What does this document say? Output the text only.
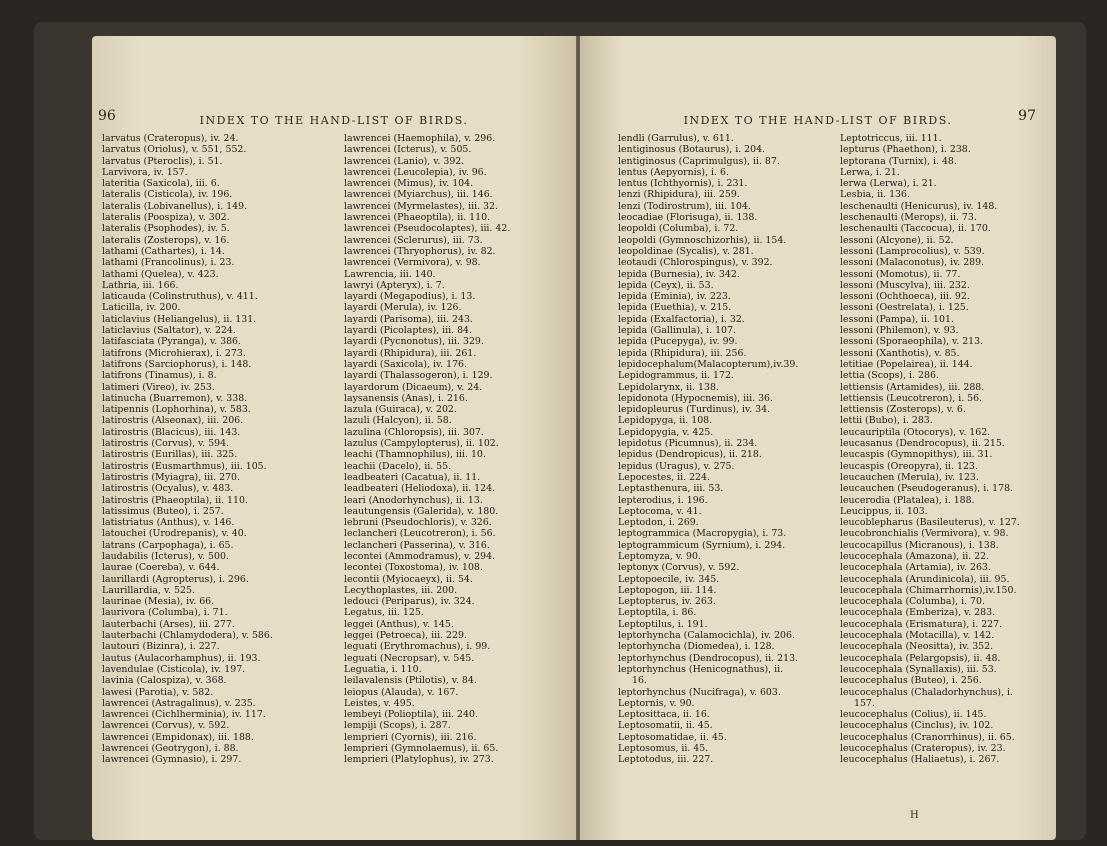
96	INDEX TO THE HAND-LIST OF BIRDS.
larvatus (Crateropus), iv. 24.
larvatus (Oriolus), v. 551, 552.
larvatus (Pteroclis), i. 51.
Larvivora, iv. 157.
lateritia (Saxicola), iii. 6.
lateralis (Cisticola), iv. 196.
lateralis (Lobivanellus), i. 149.
lateralis (Poospiza), v. 302.
lateralis (Psophodes), iv. 5.
lateralis (Zosterops), v. 16.
lathami (Cathartes), i. 14.
lathami (Francolinus), i. 23.
lathami (Quelea), v. 423.
Lathria, iii. 166.
laticauda (Colinstruthus), v. 411.
Laticilla, iv. 200.
laticlavius (Heliangelus), ii. 131.
laticlavius (Saltator), v. 224.
latifasciata (Pyranga), v. 386.
latifrons (Microhierax), i. 273.
latifrons (Sarciophorus), i. 148.
latifrons (Tinamus), i. 8.
latimeri (Vireo), iv. 253.
latinucha (Buarremon), v. 338.
latipennis (Lophorhina), v. 583.
latirostris (Alseonax), iii. 206.
latirostris (Blacicus), iii. 143.
latirostris (Corvus), v. 594.
latirostris (Eurillas), iii. 325.
latirostris (Eusmarthmus), iii. 105.
latirostris (Myiagra), iii. 270.
latirostris (Ocyalus), v. 483.
latirostris (Phaeoptila), ii. 110.
latissimus (Buteo), i. 257.
latistriatus (Anthus), v. 146.
latouchei (Urodrepanis), v. 40.
latrans (Carpophaga), i. 65.
laudabilis (Icterus), v. 500.
laurae (Coereba), v. 644.
laurillardi (Agropterus), i. 296.
Laurillardia, v. 525.
laurinae (Mesia), iv. 66.
laurivora (Columba), i. 71.
lauterbachi (Arses), iii. 277.
lauterbachi (Chlamydodera), v. 586.
lautouri (Bizinra), i. 227.
lautus (Aulacorhamphus), ii. 193.
lavendulae (Cisticola), iv. 197.
lavinia (Calospiza), v. 368.
lawesi (Parotia), v. 582.
lawrencei (Astragalinus), v. 235.
lawrencei (Cichlherminia), iv. 117.
lawrencei (Corvus), v. 592.
lawrencei (Empidonax), iii. 188.
lawrencei (Geotrygon), i. 88.
lawrencei (Gymnasio), i. 297.
lawrencei (Haemophila), v. 296.
lawrencei (Icterus), v. 505.
lawrencei (Lanio), v. 392.
lawrencei (Leucolepia), iv. 96.
lawrencei (Mimus), iv. 104.
lawrencei (Myiarchus), iii. 146.
lawrencei (Myrmelastes), iii. 32.
lawrencei (Phaeoptila), ii. 110.
lawrencei (Pseudocolaptes), iii. 42.
lawrencei (Sclerurus), iii. 73.
lawrencei (Thryophorus), iv. 82.
lawrencei (Vermivora), v. 98.
Lawrencia, iii. 140.
lawryi (Apteryx), i. 7.
layardi (Megapodius), i. 13.
layardi (Merula), iv. 126.
layardi (Parisoma), iii. 243.
layardi (Picolaptes), iii. 84.
layardi (Pycnonotus), iii. 329.
layardi (Rhipidura), iii. 261.
layardi (Saxicola), iv. 176.
layardi (Thalassogeron), i. 129.
layardorum (Dicaeum), v. 24.
laysanensis (Anas), i. 216.
lazula (Guiraca), v. 202.
lazuli (Halcyon), ii. 58.
lazulina (Chloropsis), iii. 307.
lazulus (Campylopterus), ii. 102.
leachi (Thamnophilus), iii. 10.
leachii (Dacelo), ii. 55.
leadbeateri (Cacatua), ii. 11.
leadbeateri (Heliodoxa), ii. 124.
leari (Anodorhynchus), ii. 13.
leautungensis (Galerida), v. 180.
lebruni (Pseudochloris), v. 326.
leclancheri (Leucotreron), i. 56.
leclancheri (Passerina), v. 316.
lecontei (Ammodramus), v. 294.
lecontei (Toxostoma), iv. 108.
lecontii (Myiocaeyx), ii. 54.
Lecythoplastes, iii. 200.
ledouci (Periparus), iv. 324.
Legatus, iii. 125.
leggei (Anthus), v. 145.
leggei (Petroeca), iii. 229.
leguati (Erythromachus), i. 99.
leguati (Necropsar), v. 545.
Leguatia, i. 110.
leilavalensis (Ptilotis), v. 84.
leiopus (Alauda), v. 167.
Leistes, v. 495.
lembeyi (Polioptila), iii. 240.
lempiji (Scops), i. 287.
lemprieri (Cyornis), iii. 216.
lemprieri (Gymnolaemus), ii. 65.
lemprieri (Platylophus), iv. 273.
INDEX TO THE HAND-LIST OF BIRDS.	97
lendli (Garrulus), v. 611.
lentiginosus (Botaurus), i. 204.
lentiginosus (Caprimulgus), ii. 87.
lentus (Aepyornis), i. 6.
lentus (Ichthyornis), i. 231.
lenzi (Rhipidura), iii. 259.
lenzi (Todirostrum), iii. 104.
leocadiae (Florisuga), ii. 138.
leopoldi (Columba), i. 72.
leopoldi (Gymnoschizorhis), ii. 154.
leopoldinae (Sycalis), v. 281.
leotaudi (Chlorospingus), v. 392.
lepida (Burnesia), iv. 342.
lepida (Ceyx), ii. 53.
lepida (Eminia), iv. 223.
lepida (Euethia), v. 215.
lepida (Exalfactoria), i. 32.
lepida (Gallinula), i. 107.
lepida (Pucepyga), iv. 99.
lepida (Rhipidura), iii. 256.
lepidocephalum(Malacopterum),iv.39.
Lepidogrammus, ii. 172.
Lepidolarynx, ii. 138.
lepidonota (Hypocnemis), iii. 36.
lepidopleurus (Turdinus), iv. 34.
Lepidopyga, ii. 108.
Lepidopygia, v. 425.
lepidotus (Picumnus), ii. 234.
lepidus (Dendropicus), ii. 218.
lepidus (Uragus), v. 275.
Lepocestes, ii. 224.
Leptasthenura, iii. 53.
lepterodius, i. 196.
Leptocoma, v. 41.
Leptodon, i. 269.
leptogrammica (Macropygia), i. 73.
leptogrammicum (Syrnium), i. 294.
Leptomyza, v. 90.
leptonyx (Corvus), v. 592.
Leptopoecile, iv. 345.
Leptopogon, iii. 114.
Leptopterus, iv. 263.
Leptoptila, i. 86.
Leptoptilus, i. 191.
leptorhyncha (Calamocichla), iv. 206.
leptorhyncha (Diomedea), i. 128.
leptorhynchus (Dendrocopus), ii. 213.
leptorhynchus (Henicognathus), ii.
16.
leptorhynchus (Nucifraga), v. 603.
Leptornis, v. 90.
Leptosittaca, ii. 16.
Leptosomatii, ii. 45.
Leptosomatidae, ii. 45.
Leptosomus, ii. 45.
Leptotodus, iii. 227.
Leptotriccus, iii. 111.
lepturus (Phaethon), i. 238.
leptorana (Turnix), i. 48.
Lerwa, i. 21.
lerwa (Lerwa), i. 21.
Lesbia, ii. 136.
leschenaulti (Henicurus), iv. 148.
leschenaulti (Merops), ii. 73.
leschenaulti (Taccocua), ii. 170.
lessoni (Alcyone), ii. 52.
lessoni (Lamprocolius), v. 539.
lessoni (Malaconotus), iv. 289.
lessoni (Momotus), ii. 77.
lessoni (Muscylva), iii. 232.
lessoni (Ochthoeca), iii. 92.
lessoni (Oestrelata), i. 125.
lessoni (Pampa), ii. 101.
lessoni (Philemon), v. 93.
lessoni (Sporaeophila), v. 213.
lessoni (Xanthotis), v. 85.
letitiae (Popelairea), ii. 144.
lettia (Scops), i. 286.
lettiensis (Artamides), iii. 288.
lettiensis (Leucotreron), i. 56.
lettiensis (Zosterops), v. 6.
lettii (Bubo), i. 283.
leucauriptila (Otocorys), v. 162.
leucasanus (Dendrocopus), ii. 215.
leucaspis (Gymnopithys), iii. 31.
leucaspis (Oreopyra), ii. 123.
leucauchen (Merula), iv. 123.
leucauchen (Pseudogeranus), i. 178.
leucerodia (Platalea), i. 188.
Leucippus, ii. 103.
leucoblepharus (Basileuterus), v. 127.
leucobronchialis (Vermivora), v. 98.
leucocapillus (Micranous), i. 138.
leucocephala (Amazona), ii. 22.
leucocephala (Artamia), iv. 263.
leucocephala (Arundinicola), iii. 95.
leucocephala (Chimarrhornis),iv.150.
leucocephala (Columba), i. 70.
leucocephala (Emberiza), v. 283.
leucocephala (Erismatura), i. 227.
leucocephala (Motacilla), v. 142.
leucocephala (Neositta), iv. 352.
leucocephala (Pelargopsis), ii. 48.
leucocephala (Synallaxis), iii. 53.
leucocephalus (Buteo), i. 256.
leucocephalus (Chaladorhynchus), i.
157.
leucocephalus (Colius), ii. 145.
leucocephalus (Cinclus), iv. 102.
leucocephalus (Cranorrhinus), ii. 65.
leucocephalus (Crateropus), iv. 23.
leucocephalus (Haliaetus), i. 267.
H
